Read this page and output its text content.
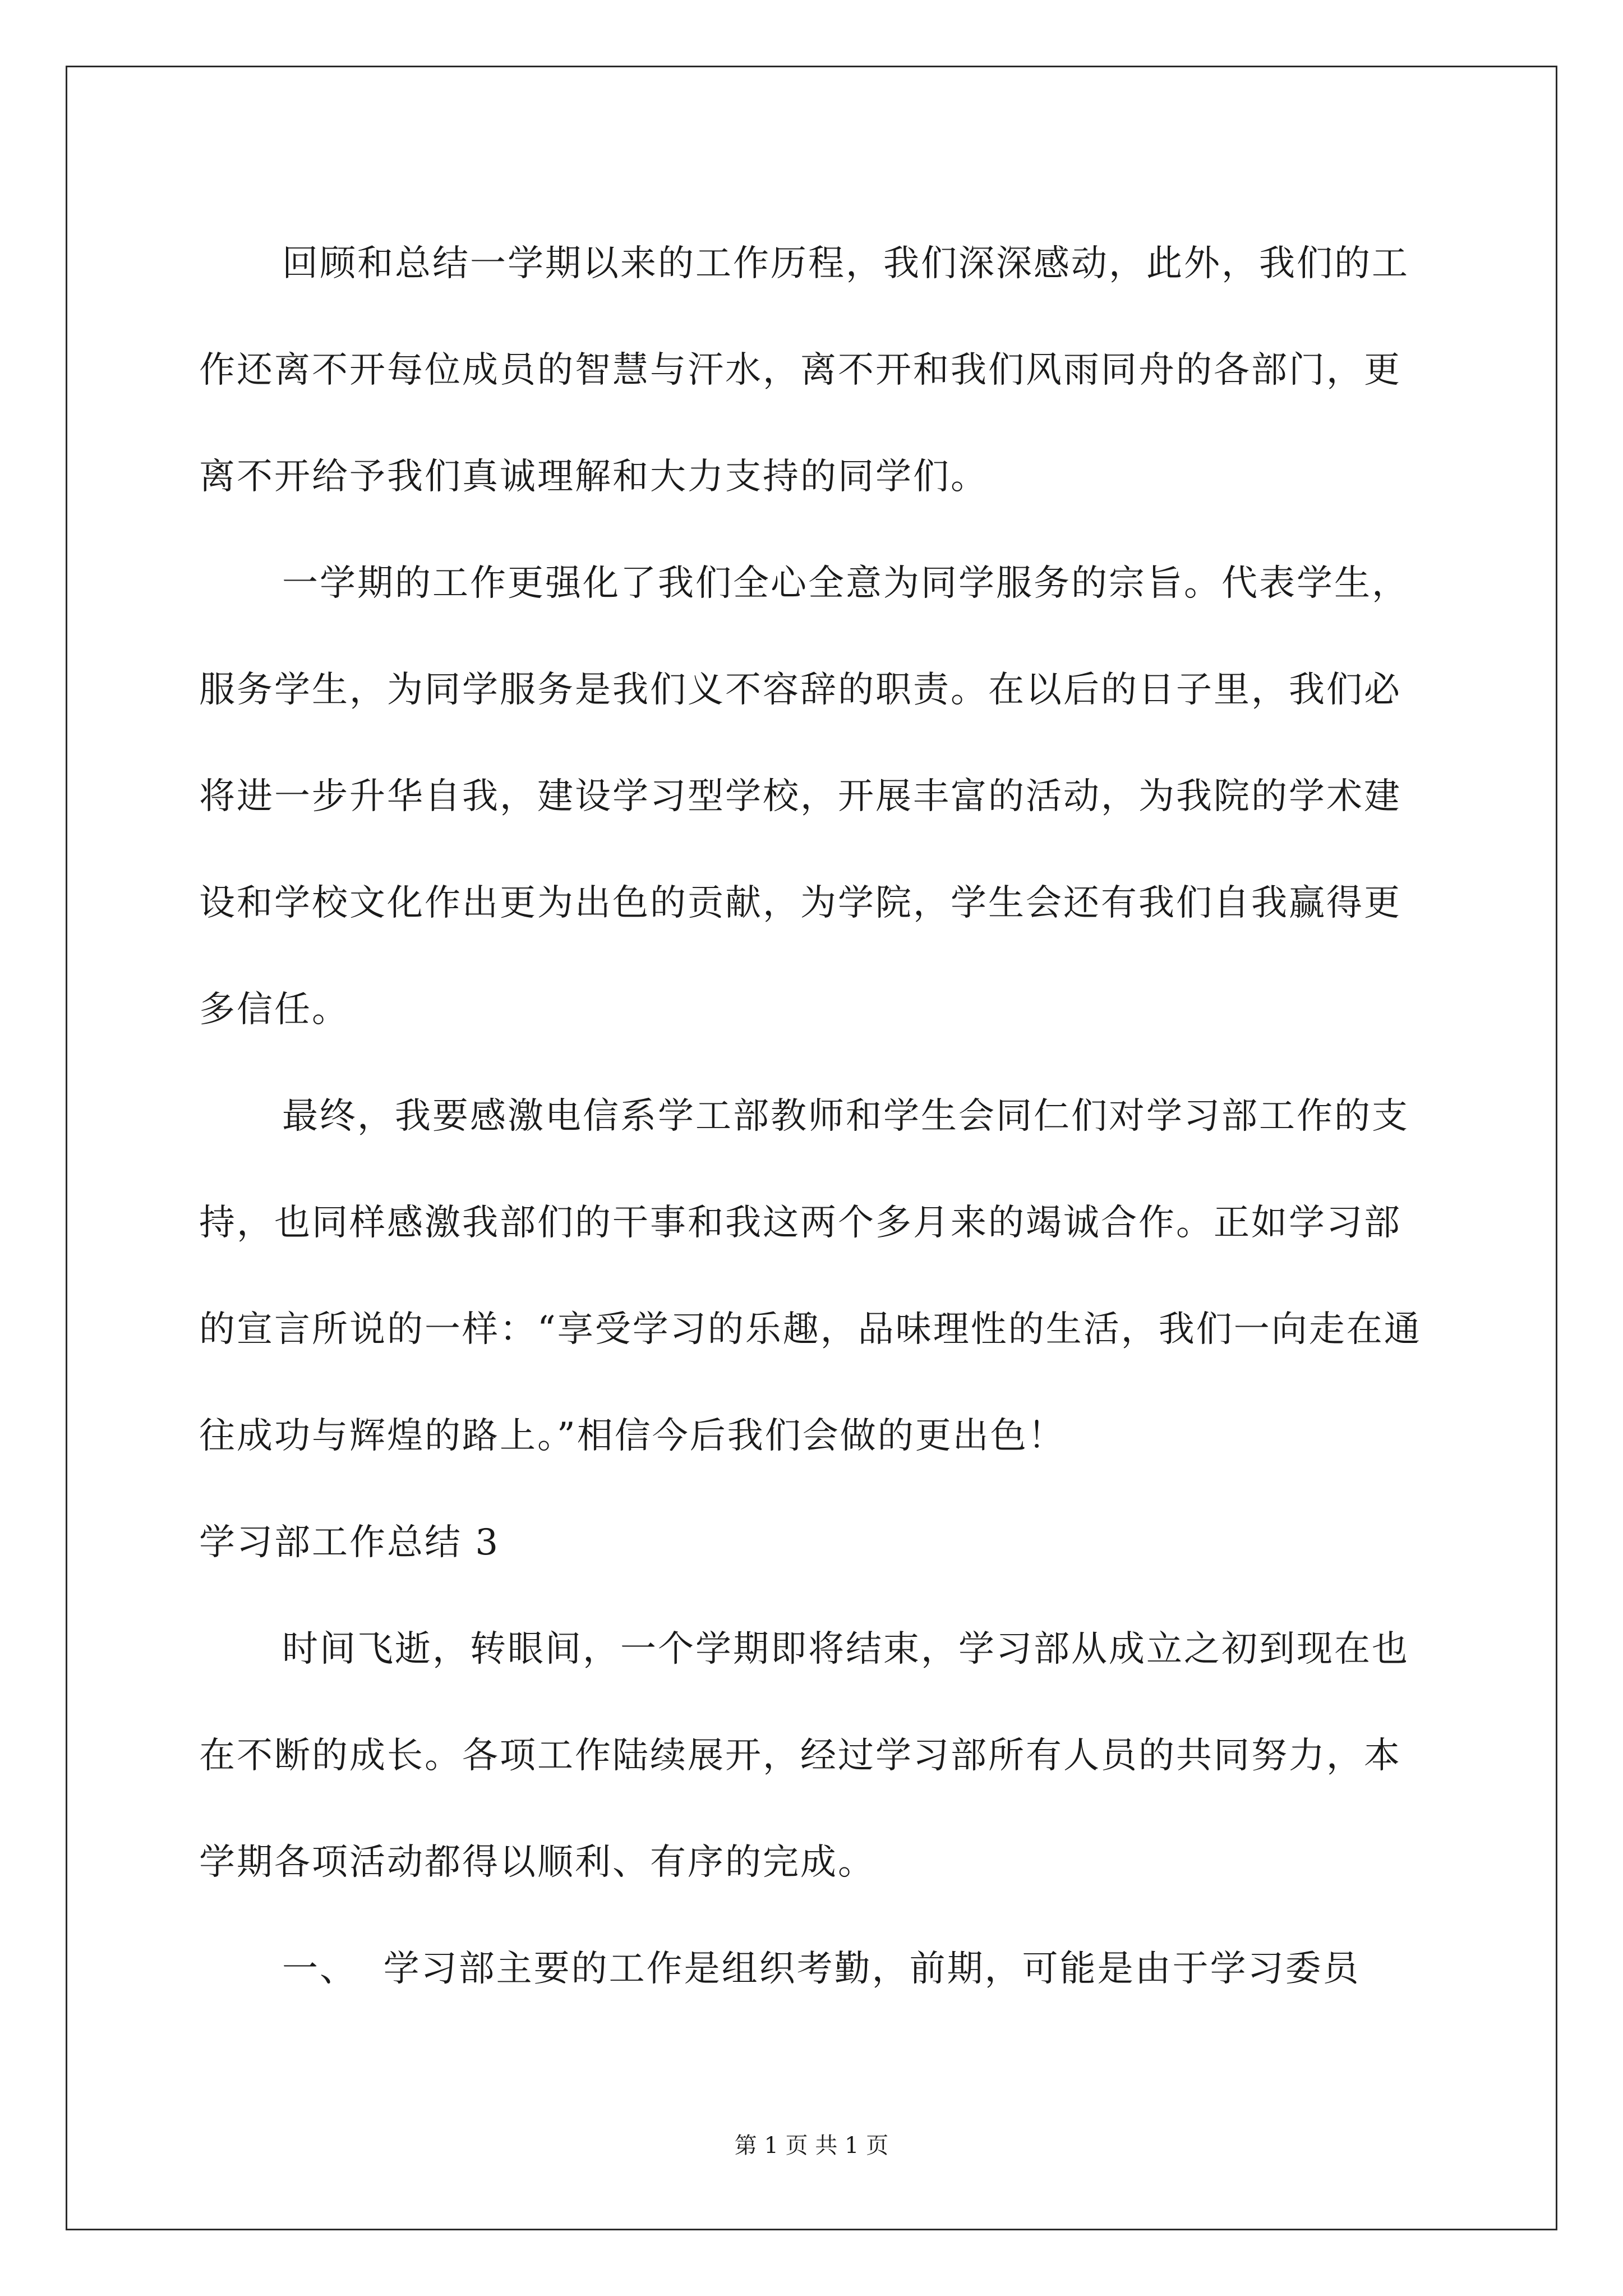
回顾和总结一学期以来的工作历程，我们深深感动，此外，我们的工作还离不开每位成员的智慧与汗水，离不开和我们风雨同舟的各部门，更离不开给予我们真诚理解和大力支持的同学们。

一学期的工作更强化了我们全心全意为同学服务的宗旨。代表学生，服务学生，为同学服务是我们义不容辞的职责。在以后的日子里，我们必将进一步升华自我，建设学习型学校，开展丰富的活动，为我院的学术建设和学校文化作出更为出色的贡献，为学院，学生会还有我们自我赢得更多信任。

最终，我要感激电信系学工部教师和学生会同仁们对学习部工作的支持，也同样感激我部们的干事和我这两个多月来的竭诚合作。正如学习部的宣言所说的一样：“享受学习的乐趣，品味理性的生活，我们一向走在通往成功与辉煌的路上。”相信今后我们会做的更出色！

学习部工作总结 3

时间飞逝，转眼间，一个学期即将结束，学习部从成立之初到现在也在不断的成长。各项工作陆续展开，经过学习部所有人员的共同努力，本学期各项活动都得以顺利、有序的完成。

一、  学习部主要的工作是组织考勤，前期，可能是由于学习委员

第 1 页 共 1 页
